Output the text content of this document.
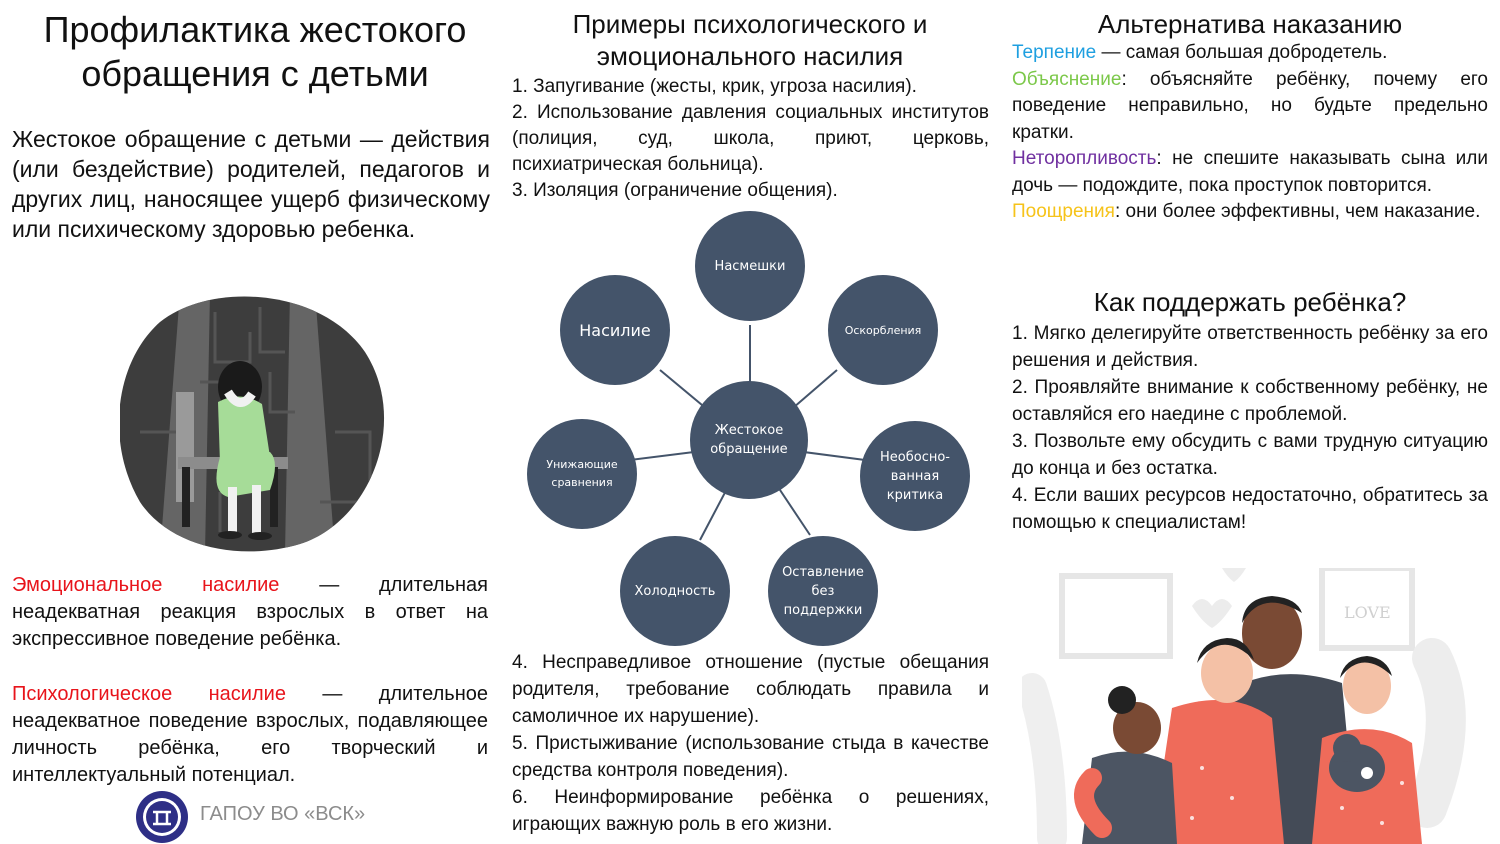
Профилактика жестокого обращения с детьми
Жестокое обращение с детьми — действия (или бездействие) родителей, педагогов и других лиц, наносящее ущерб физическому или психическому здоровью ребенка.
Эмоциональное насилие — длительная неадекватная реакция взрослых в ответ на экспрессивное поведение ребёнка.
Психологическое насилие — длительное неадекватное поведение взрослых, подавляющее личность ребёнка, его творческий и интеллектуальный потенциал.
ГАПОУ ВО «ВСК»
Примеры психологического и эмоционального насилия

1. Запугивание (жесты, крик, угроза насилия).

2. Использование давления социальных институтов (полиция, суд, школа, приют, церковь, психиатрическая больница).

3. Изоляция (ограничение общения).

Жестокое обращение
Насмешки
Оскорбления
Необосно-ванная критика
Оставление без поддержки
Холодность
Унижающие сравнения
Насилие

4. Несправедливое отношение (пустые обещания родителя, требование соблюдать правила и самоличное их нарушение).

5. Пристыживание (использование стыда в качестве средства контроля поведения).

6. Неинформирование ребёнка о решениях, играющих важную роль в его жизни.

Альтернатива наказанию

Терпение — самая большая добродетель.

Объяснение: объясняйте ребёнку, почему его поведение неправильно, но будьте предельно кратки.

Неторопливость: не спешите наказывать сына или дочь — подождите, пока проступок повторится.

Поощрения: они более эффективны, чем наказание.

Как поддержать ребёнка?

1. Мягко делегируйте ответственность ребёнку за его решения и действия.

2. Проявляйте внимание к собственному ребёнку, не оставляйся его наедине с проблемой.

3. Позвольте ему обсудить с вами трудную ситуацию до конца и без остатка.

4. Если ваших ресурсов недостаточно, обратитесь за помощью к специалистам!

LOVE
